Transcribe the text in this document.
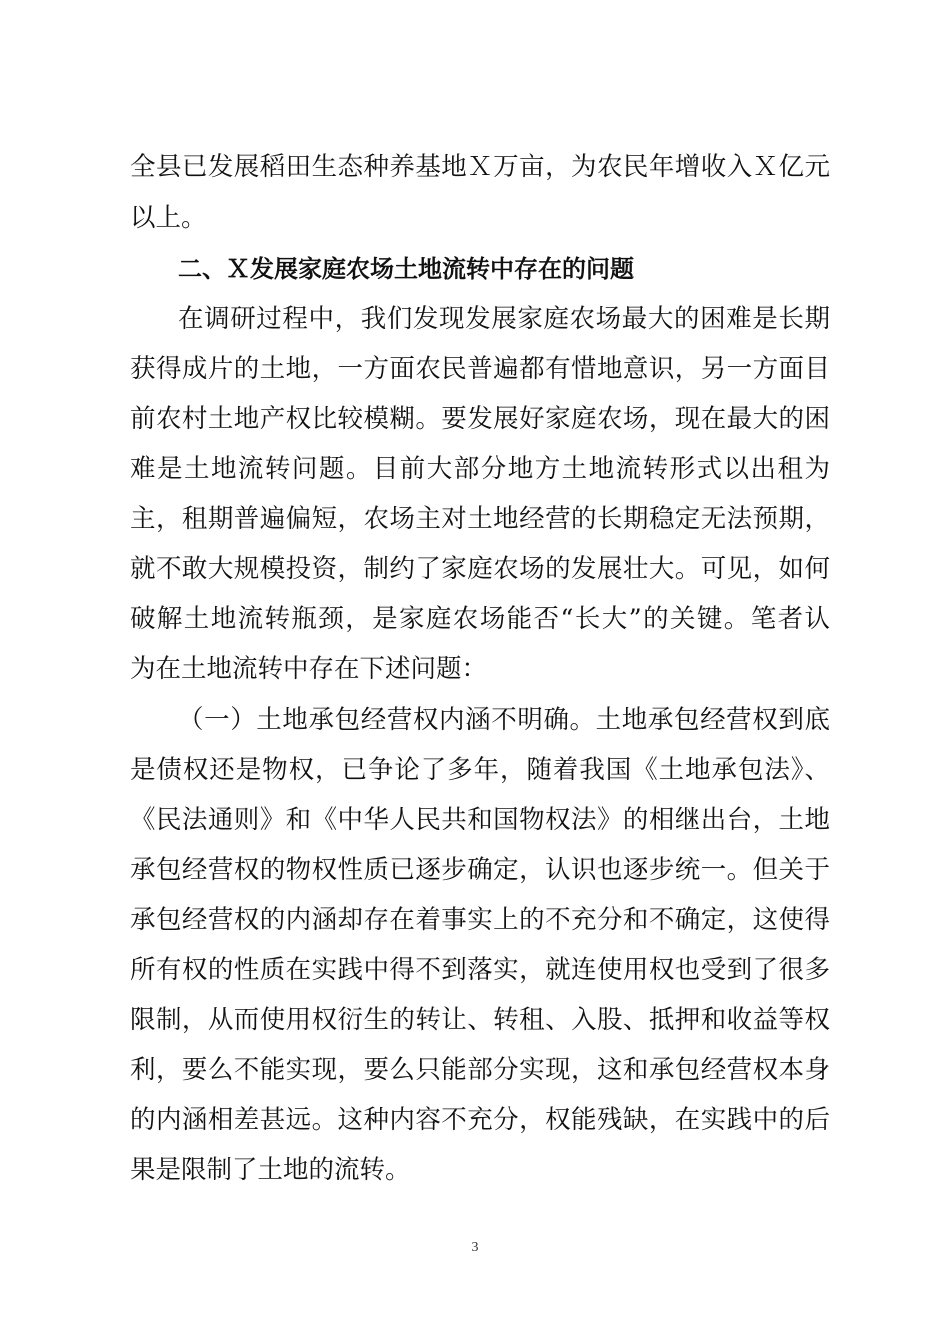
全县已发展稻田生态种养基地Ｘ万亩，为农民年增收入Ｘ亿元
以上。
二、Ｘ发展家庭农场土地流转中存在的问题
在调研过程中，我们发现发展家庭农场最大的困难是长期
获得成片的土地，一方面农民普遍都有惜地意识，另一方面目
前农村土地产权比较模糊。要发展好家庭农场，现在最大的困
难是土地流转问题。目前大部分地方土地流转形式以出租为
主，租期普遍偏短，农场主对土地经营的长期稳定无法预期，
就不敢大规模投资，制约了家庭农场的发展壮大。可见，如何
破解土地流转瓶颈，是家庭农场能否“长大”的关键。笔者认
为在土地流转中存在下述问题：
（一）土地承包经营权内涵不明确。土地承包经营权到底
是债权还是物权，已争论了多年，随着我国《土地承包法》、
《民法通则》和《中华人民共和国物权法》的相继出台，土地
承包经营权的物权性质已逐步确定，认识也逐步统一。但关于
承包经营权的内涵却存在着事实上的不充分和不确定，这使得
所有权的性质在实践中得不到落实，就连使用权也受到了很多
限制，从而使用权衍生的转让、转租、入股、抵押和收益等权
利，要么不能实现，要么只能部分实现，这和承包经营权本身
的内涵相差甚远。这种内容不充分，权能残缺，在实践中的后
果是限制了土地的流转。
3
